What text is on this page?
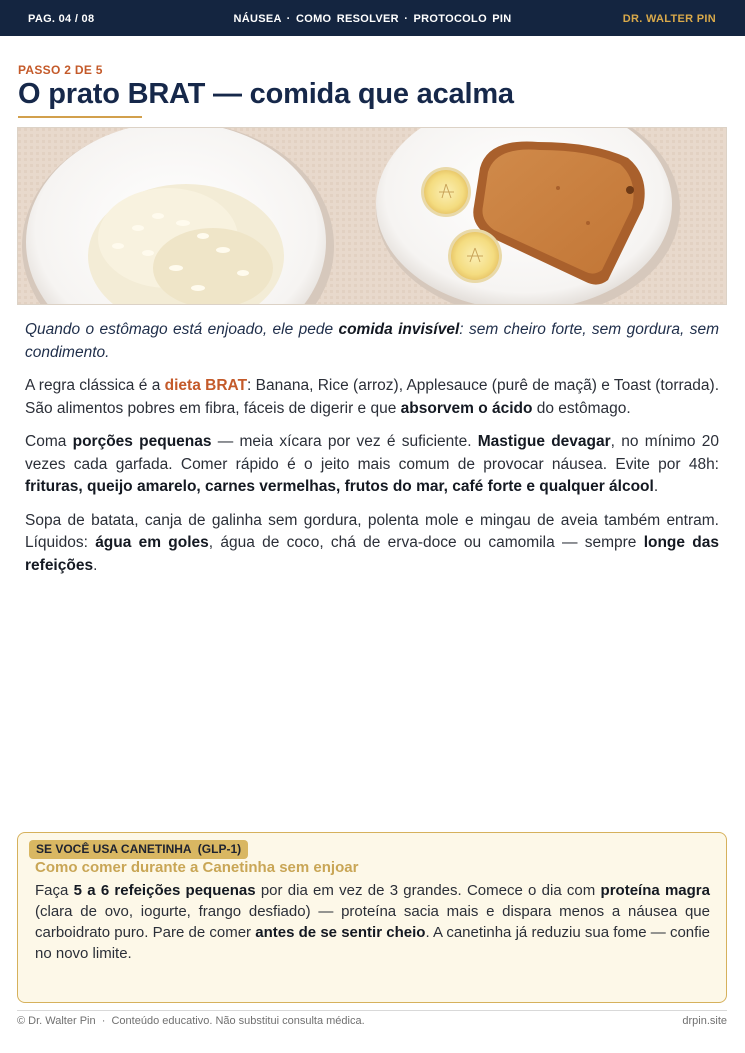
PAG. 04 / 08	NÁUSEA · COMO RESOLVER · PROTOCOLO PIN	DR. WALTER PIN
PASSO 2 DE 5
O prato BRAT — comida que acalma

Quando o estômago está enjoado, ele pede comida invisível: sem cheiro forte, sem gordura, sem condimento.

A regra clássica é a dieta BRAT: Banana, Rice (arroz), Applesauce (purê de maçã) e Toast (torrada). São alimentos pobres em fibra, fáceis de digerir e que absorvem o ácido do estômago.

Coma porções pequenas — meia xícara por vez é suficiente. Mastigue devagar, no mínimo 20 vezes cada garfada. Comer rápido é o jeito mais comum de provocar náusea. Evite por 48h: frituras, queijo amarelo, carnes vermelhas, frutos do mar, café forte e qualquer álcool.

Sopa de batata, canja de galinha sem gordura, polenta mole e mingau de aveia também entram. Líquidos: água em goles, água de coco, chá de erva-doce ou camomila — sempre longe das refeições.

SE VOCÊ USA CANETINHA  (GLP-1)
Como comer durante a Canetinha sem enjoar
Faça 5 a 6 refeições pequenas por dia em vez de 3 grandes. Comece o dia com proteína magra (clara de ovo, iogurte, frango desfiado) — proteína sacia mais e dispara menos a náusea que carboidrato puro. Pare de comer antes de se sentir cheio. A canetinha já reduziu sua fome — confie no novo limite.
© Dr. Walter Pin  ·  Conteúdo educativo. Não substitui consulta médica.	drpin.site
